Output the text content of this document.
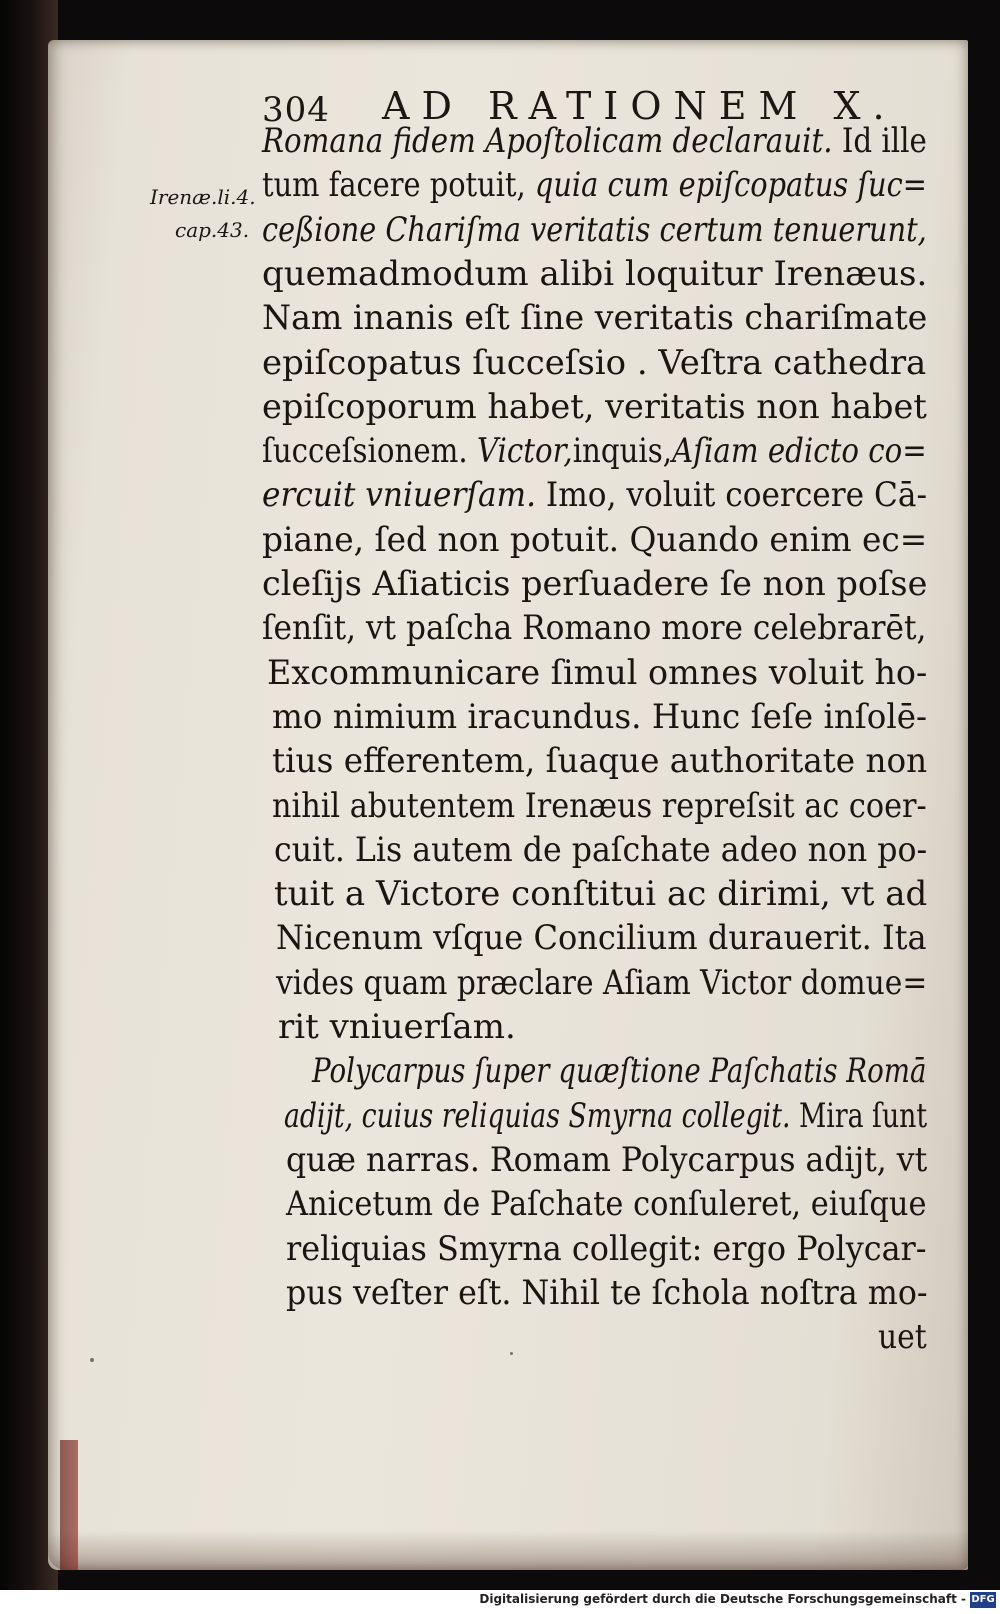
304 AD RATIONEM X.
Irenæ.li.4.
cap.43.
Romana fidem Apoſtolicam declarauit. Id ille
tum facere potuit, quia cum epiſcopatus ſuc=
ceßione Chariſma veritatis certum tenuerunt,
quemadmodum alibi loquitur Irenæus.
Nam inanis eſt ſine veritatis chariſmate
epiſcopatus ſucceſsio . Veſtra cathedra
epiſcoporum habet, veritatis non habet
ſucceſsionem. Victor,inquis,Aſiam edicto co=
ercuit vniuerſam. Imo, voluit coercere Cā-
piane, ſed non potuit. Quando enim ec=
cleſijs Aſiaticis perſuadere ſe non poſse
ſenſit, vt paſcha Romano more celebrarēt,
Excommunicare ſimul omnes voluit ho-
mo nimium iracundus. Hunc ſeſe inſolē-
tius efferentem, ſuaque authoritate non
nihil abutentem Irenæus repreſsit ac coer-
cuit. Lis autem de paſchate adeo non po-
tuit a Victore conſtitui ac dirimi, vt ad
Nicenum vſque Concilium durauerit. Ita
vides quam præclare Aſiam Victor domue=
rit vniuerſam.
Polycarpus ſuper quæſtione Paſchatis Romā
adijt, cuius reliquias Smyrna collegit. Mira ſunt
quæ narras. Romam Polycarpus adijt, vt
Anicetum de Paſchate conſuleret, eiuſque
reliquias Smyrna collegit: ergo Polycar-
pus veſter eſt. Nihil te ſchola noſtra mo-
uet
Digitalisierung gefördert durch die Deutsche Forschungsgemeinschaft - DFG
